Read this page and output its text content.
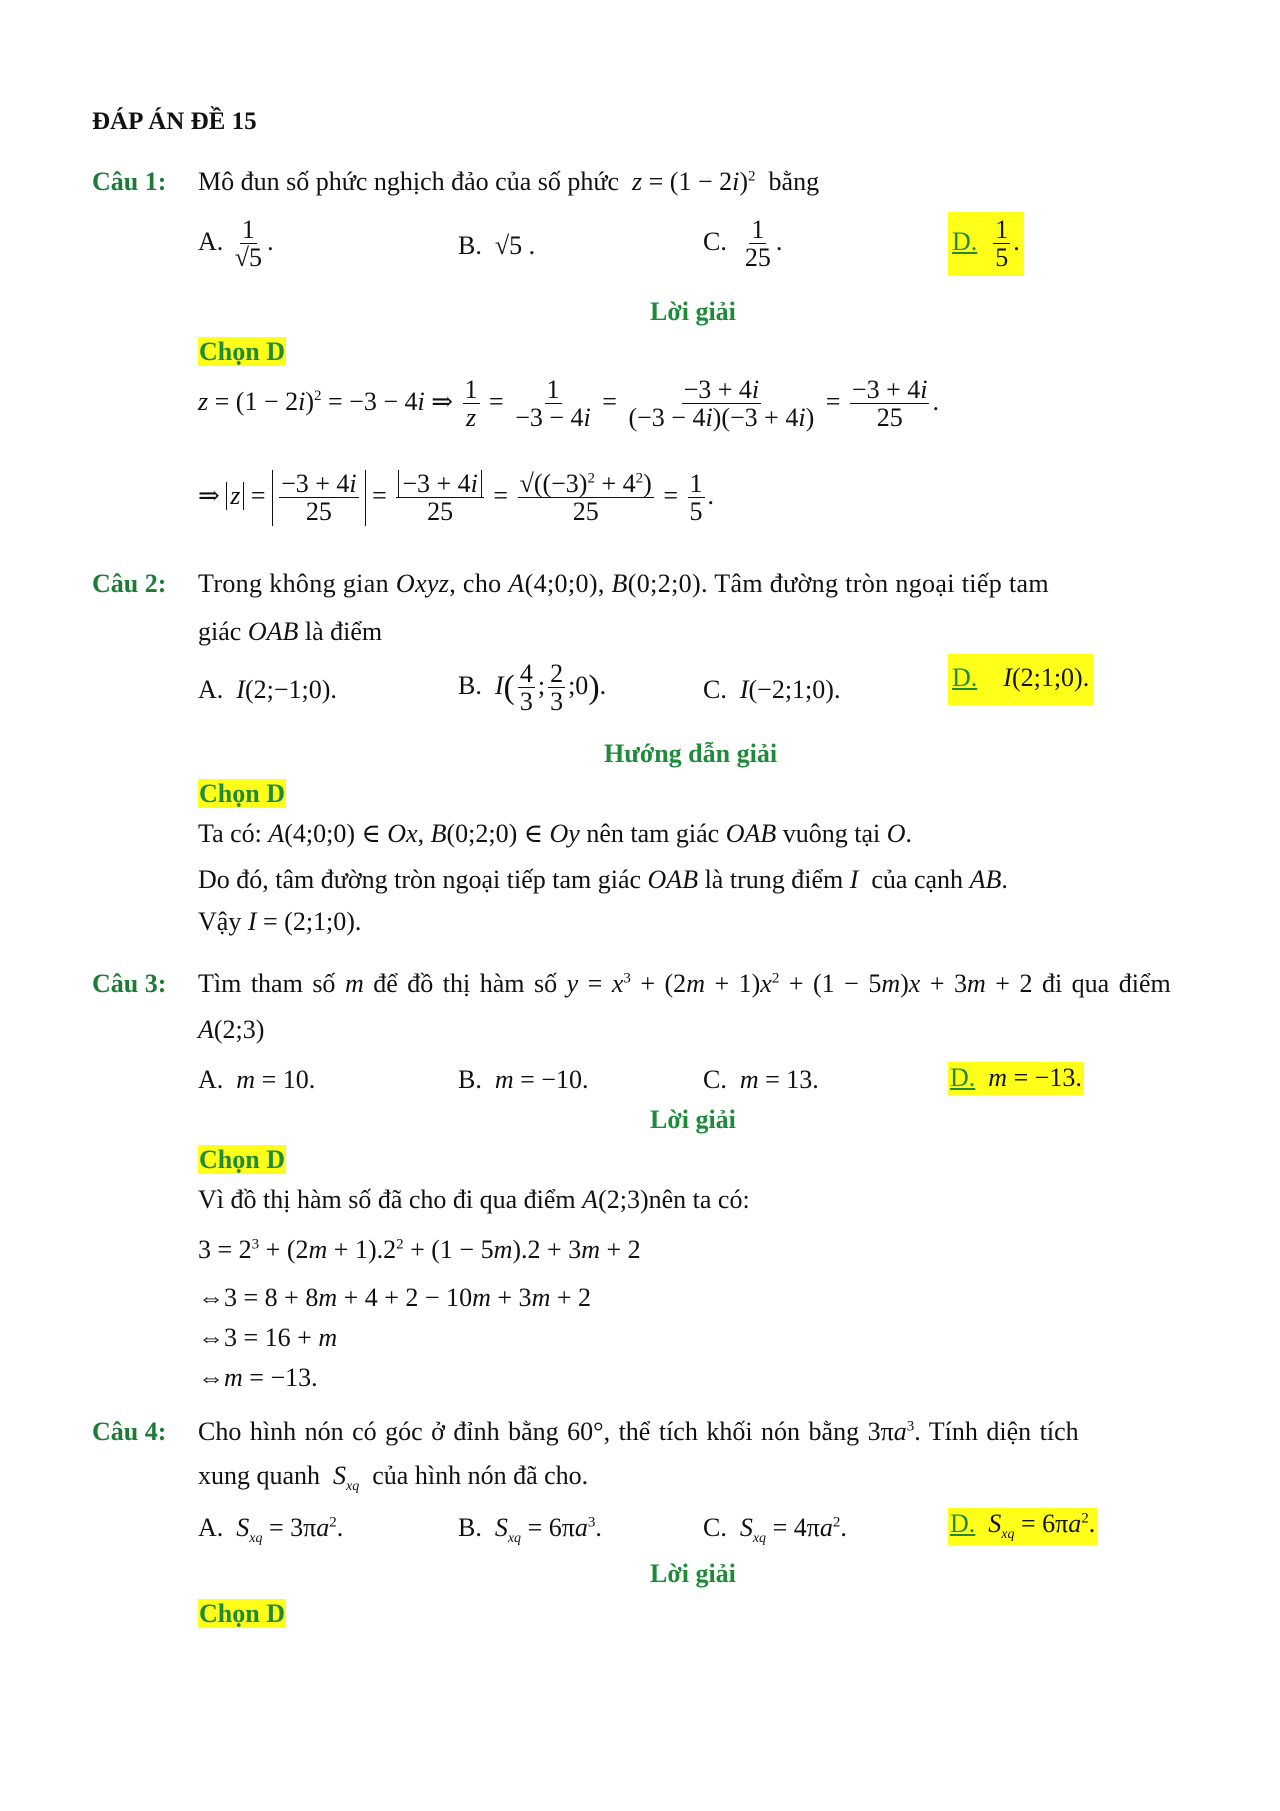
ĐÁP ÁN ĐỀ 15
Câu 1: Mô đun số phức nghịch đảo của số phức  $z = (1 - 2i)^2$ bằng
A. $\frac{1}{√5}$ .	B.  √5 .	C. $\frac{1}{25}$ .	D. $\frac{1}{5}$ .
Lời giải
Chọn D
$z = (1 - 2i)^2 = -3 - 4i$ ⇒ $\frac{1}{z} = \frac{1}{-3 - 4i} = \frac{-3 + 4i}{(-3 - 4i)(-3 + 4i)} = \frac{-3 + 4i}{25}$ .
⇒ $z = \frac{-3 + 4i}{25} = \frac{-3 + 4i}{25} = \frac{√((-3)^2 + 4^2)}{25} = \frac{1}{5}$ .
Câu 2: Trong không gian Oxyz, cho A(4;0;0), B(0;2;0). Tâm đường tròn ngoại tiếp tam
giác OAB là điểm
A.  I(2;−1;0).	B.  $I( \frac{4}{3}$ ; $\frac{2}{3}$ ;0).	C.  I(−2;1;0).	D. I(2;1;0).
Hướng dẫn giải
Chọn D
Ta có: A(4;0;0) ∈ Ox, B(0;2;0) ∈ Oy nên tam giác OAB vuông tại O.
Do đó, tâm đường tròn ngoại tiếp tam giác OAB là trung điểm I của cạnh AB.
Vậy I = (2;1;0).
Câu 3: Tìm tham số m để đồ thị hàm số $y = x^3 + (2m + 1)x^2 + (1 - 5m)x + 3m + 2$ đi qua điểm
A(2;3)
A.  m = 10.	B.  m = −10.	C.  m = 13.	D. m = −13.
Lời giải
Chọn D
Vì đồ thị hàm số đã cho đi qua điểm A(2;3)nên ta có:
$3 = 2^3 + (2m + 1).2^2 + (1 - 5m).2 + 3m + 2$
⇔3 = 8 + 8m + 4 + 2 − 10m + 3m + 2
⇔3 = 16 + m
⇔m = −13.
Câu 4: Cho hình nón có góc ở đỉnh bằng 60°, thể tích khối nón bằng $3\pi a^3$. Tính diện tích
xung quanh $S_{xq}$ của hình nón đã cho.
A.  $S_{xq} = 3\pi a^2$.	B.  $S_{xq} = 6\pi a^3$.	C.  $S_{xq} = 4\pi a^2$.	D. $S_{xq} = 6\pi a^2$.
Lời giải
Chọn D
